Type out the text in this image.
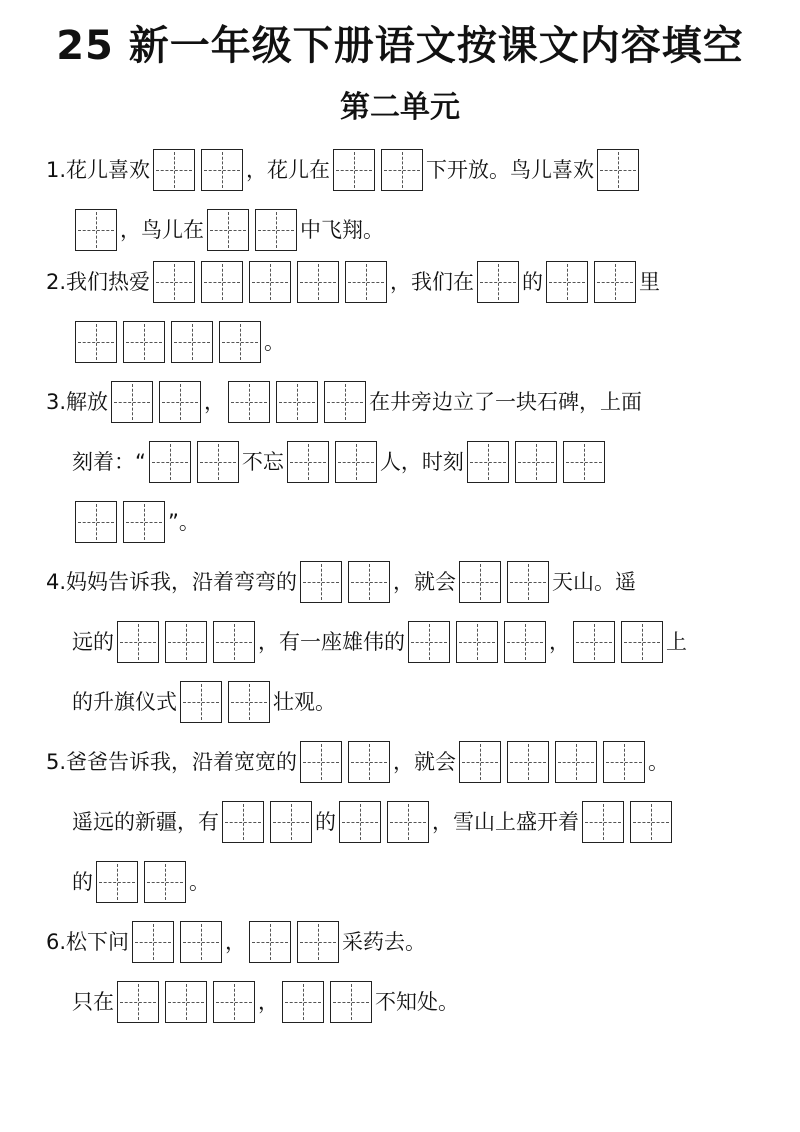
25 新一年级下册语文按课文内容填空
第二单元
1.花儿喜欢	，花儿在	下开放。鸟儿喜欢
，鸟儿在	中飞翔。
2.我们热爱	，我们在 的	里
。
3.解放	，	在井旁边立了一块石碑，上面
刻着：“	不忘	人，时刻
”。
4.妈妈告诉我，沿着弯弯的	，就会	天山。遥
远的	，有一座雄伟的	，	上
的升旗仪式	壮观。
5.爸爸告诉我，沿着宽宽的	，就会	。
遥远的新疆，有	的	，雪山上盛开着
的	。
6.松下问	，	采药去。
只在	，	不知处。
